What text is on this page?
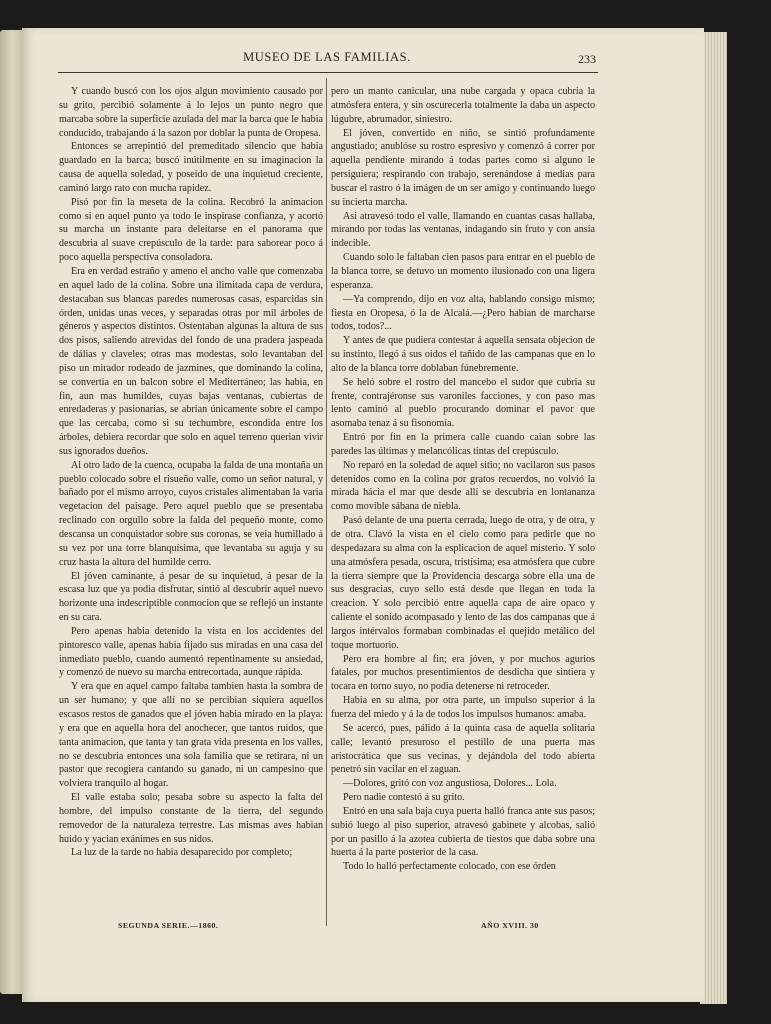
MUSEO DE LAS FAMILIAS.	233

Y cuando buscó con los ojos algun movimiento causado por su grito, percibió solamente á lo lejos un punto negro que marcaba sobre la superficie azulada del mar la barca que le habia conducido, trabajando á la sazon por doblar la punta de Oropesa.

Entonces se arrepintió del premeditado silencio que habia guardado en la barca; buscó inútilmente en su imaginacion la causa de aquella soledad, y poseido de una inquietud creciente, caminó largo rato con mucha rapidez.

Pisó por fin la meseta de la colina. Recobró la animacion como si en aquel punto ya todo le inspirase confianza, y acortó su marcha un instante para deleitarse en el panorama que descubria al suave crepúsculo de la tarde: para saborear poco á poco aquella perspectiva consoladora.

Era en verdad estraño y ameno el ancho valle que comenzaba en aquel lado de la colina. Sobre una ilimitada capa de verdura, destacaban sus blancas paredes numerosas casas, esparcidas sin órden, unidas unas veces, y separadas otras por mil árboles de géneros y aspectos distintos. Ostentaban algunas la altura de sus dos pisos, saliendo atrevidas del fondo de una pradera jaspeada de dálias y claveles; otras mas modestas, solo levantaban del piso un mirador rodeado de jazmines, que dominando la colina, se convertia en un balcon sobre el Mediterráneo; las habia, en fin, aun mas humildes, cuyas bajas ventanas, cubiertas de enredaderas y pasionarias, se abrian únicamente sobre el campo que las cercaba, como si su techumbre, escondida entre los árboles, debiera recordar que solo en aquel terreno querian vivir sus ignorados dueños.

Al otro lado de la cuenca, ocupaba la falda de una montaña un pueblo colocado sobre el risueño valle, como un señor natural, y bañado por el mismo arroyo, cuyos cristales alimentaban la varia vegetacion del paisage. Pero aquel pueblo que se presentaba reclinado con orgullo sobre la falda del pequeño monte, como descansa un conquistador sobre sus coronas, se veia humillado á su vez por una torre blanquísima, que levantaba su aguja y su cruz hasta la altura del humilde cerro.

El jóven caminante, á pesar de su inquietud, á pesar de la escasa luz que ya podia disfrutar, sintió al descubrir aquel nuevo horizonte una indescriptible conmocion que se reflejó un instante en su cara.

Pero apenas habia detenido la vista en los accidentes del pintoresco valle, apenas habia fijado sus miradas en una casa del inmediato pueblo, cuando aumentó repentinamente su ansiedad, y comenzó de nuevo su marcha entrecortada, aunque rápida.

Y era que en aquel campo faltaba tambien hasta la sombra de un ser humano; y que allí no se percibian siquiera aquellos escasos restos de ganados que el jóven habia mirado en la playa: y era que en aquella hora del anochecer, que tantos ruidos, que tanta animacion, que tanta y tan grata vida presenta en los valles, no se descubria entonces una sola familia que se retirara, ni un pastor que recogiera cantando su ganado, ni un campesino que volviera tranquilo al hogar.

El valle estaba solo; pesaba sobre su aspecto la falta del hombre, del impulso constante de la tierra, del segundo removedor de la naturaleza terrestre. Las mismas aves habian huido y yacian exánimes en sus nidos.

La luz de la tarde no habia desaparecido por completo;

pero un manto canicular, una nube cargada y opaca cubria la atmósfera entera, y sin oscurecerla totalmente la daba un aspecto lúgubre, abrumador, siniestro.

El jóven, convertido en niño, se sintió profundamente angustiado; anublóse su rostro espresivo y comenzó á correr por aquella pendiente mirando á todas partes como si alguno le persiguiera; respirando con trabajo, serenándose á medias para buscar el rastro ó la imágen de un ser amigo y continuando luego su incierta marcha.

Asi atravesó todo el valle, llamando en cuantas casas hallaba, mirando por todas las ventanas, indagando sin fruto y con ansia indecible.

Cuando solo le faltaban cien pasos para entrar en el pueblo de la blanca torre, se detuvo un momento ilusionado con una ligera esperanza.

—Ya comprendo, dijo en voz alta, hablando consigo mismo; fiesta en Oropesa, ó la de Alcalá.—¿Pero habian de marcharse todos, todos?...

Y antes de que pudiera contestar á aquella sensata objecion de su instinto, llegó á sus oidos el tañido de las campanas que en lo alto de la blanca torre doblaban fúnebremente.

Se heló sobre el rostro del mancebo el sudor que cubria su frente, contrajéronse sus varoniles facciones, y con paso mas lento caminó al pueblo procurando dominar el pavor que asomaba tenaz á su fisonomía.

Entró por fin en la primera calle cuando caian sobre las paredes las últimas y melancólicas tintas del crepúsculo.

No reparó en la soledad de aquel sitio; no vacilaron sus pasos detenidos como en la colina por gratos recuerdos, no volvió la mirada hácia el mar que desde allí se descubria en lontananza como movible sábana de niebla.

Pasó delante de una puerta cerrada, luego de otra, y de otra, y de otra. Clavó la vista en el cielo como para pedirle que no despedazara su alma con la esplicacion de aquel misterio. Y solo una atmósfera pesada, oscura, tristísima; esa atmósfera que cubre la tierra siempre que la Providencia descarga sobre ella una de sus desgracias, cuyo sello está desde que llegan en toda la creacion. Y solo percibió entre aquella capa de aire opaco y caliente el sonido acompasado y lento de las dos campanas que á largos intérvalos formaban combinadas el quejido metálico del toque mortuorio.

Pero era hombre al fin; era jóven, y por muchos agurios fatales, por muchos presentimientos de desdicha que sintiera y tocara en torno suyo, no podia detenerse ni retroceder.

Habia en su alma, por otra parte, un impulso superior á la fuerza del miedo y á la de todos los impulsos humanos: amaba.

Se acercó, pues, pálido á la quinta casa de aquella solitaria calle; levantó presuroso el pestillo de una puerta mas aristocrática que sus vecinas, y dejándola del todo abierta penetró sin vacilar en el zaguan.

—Dolores, gritó con voz angustiosa, Dolores... Lola.

Pero nadie contestó á su grito.

Entró en una sala baja cuya puerta halló franca ante sus pasos; subió luego al piso superior, atravesó gabinete y alcobas, salió por un pasillo á la azotea cubierta de tiestos que daba sobre una huerta á la parte posterior de la casa.

Todo lo halló perfectamente colocado, con ese órden

SEGUNDA SERIE.—1860.	AÑO XVIII. 30
